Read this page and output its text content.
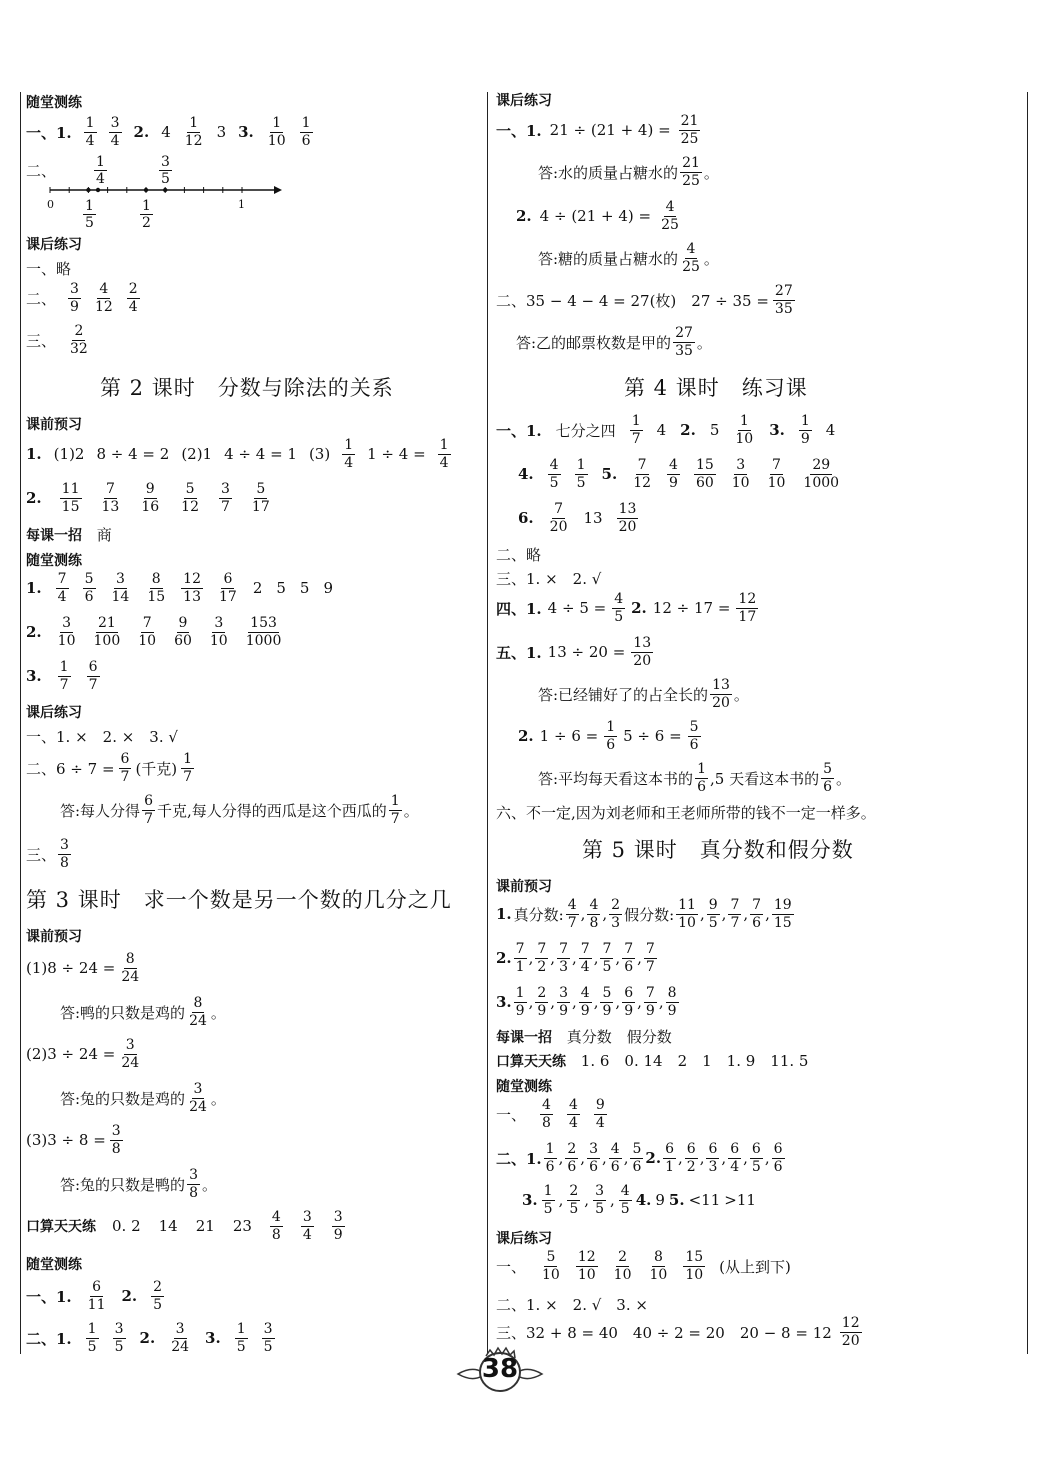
随堂测练
一、1. $\frac{1}{4} \frac{3}{4} 2$. $4 \frac{1}{12} 3$ 3. $\frac{1}{10} \frac{1}{6}$
二、
0	1
$\frac{1}{4}$	$\frac{3}{5}$
$\frac{1}{5}$	$\frac{1}{2}$
课后练习
一、略
二、 $\frac{3}{9} \frac{4}{12} \frac{2}{4}$
三、 $\frac{2}{32}$
第 2 课时　分数与除法的关系
课前预习
1. (1)2 8 ÷ 4 = 2 (2)1 4 ÷ 4 = 1 $(3) \frac{1}{4} 1 \div 4 = \frac{1}{4}$
2. $\frac{11}{15} \frac{7}{13} \frac{9}{16} \frac{5}{12} \frac{3}{7} \frac{5}{17}$
每课一招 商
随堂测练
1. $\frac{7}{4} \frac{5}{6} \frac{3}{14} \frac{8}{15} \frac{12}{13} \frac{6}{17} 2$ 5 5 9
2. $\frac{3}{10} \frac{21}{100} \frac{7}{10} \frac{9}{60} \frac{3}{10} \frac{153}{1000}$
3. $\frac{1}{7} \frac{6}{7}$
课后练习
一、1. ×　2. ×　3. √
二、$6 \div 7 = \frac{6}{7}$ (千克) $\frac{1}{7}$
答:每人分得 $\frac{6}{7}$ 千克,每人分得的西瓜是这个西瓜的 $\frac{1}{7}$ 。
三、 $\frac{3}{8}$
第 3 课时　求一个数是另一个数的几分之几
课前预习
$(1)8 \div 24 = \frac{8}{24}$
答:鸭的只数是鸡的 $\frac{8}{24}$ 。
$(2)3 \div 24 = \frac{3}{24}$
答:兔的只数是鸡的 $\frac{3}{24}$ 。
$(3)3 \div 8 = \frac{3}{8}$
答:兔的只数是鸭的 $\frac{3}{8}$ 。
口算天天练 0. 2 14 21 $23 \frac{4}{8} \frac{3}{4} \frac{3}{9}$
随堂测练
一、1. $\frac{6}{11} 2$. $\frac{2}{5}$
二、1. $\frac{1}{5} \frac{3}{5} 2$. $\frac{3}{24} 3$. $\frac{1}{5} \frac{3}{5}$
课后练习
一、1. $21 \div (21 + 4) = \frac{21}{25}$
答:水的质量占糖水的 $\frac{21}{25}$ 。
2. $4 \div (21 + 4) = \frac{4}{25}$
答:糖的质量占糖水的 $\frac{4}{25}$ 。
二、35 − 4 − 4 = 27(枚)　$27 \div 35 = \frac{27}{35}$
答:乙的邮票枚数是甲的 $\frac{27}{35}$ 。
第 4 课时　练习课
一、1. 七分之四 $\frac{1}{7} 4$ 2. $5 \frac{1}{10} 3$. $\frac{1}{9} 4$
4. $\frac{4}{5} \frac{1}{5} 5$. $\frac{7}{12} \frac{4}{9} \frac{15}{60} \frac{3}{10} \frac{7}{10} \frac{29}{1000}$
6. $\frac{7}{20} 13 \frac{13}{20}$
二、略
三、1. ×　2. √
四、1. $4 \div 5 = \frac{4}{5} 2$. $12 \div 17 = \frac{12}{17}$
五、1. $13 \div 20 = \frac{13}{20}$
答:已经铺好了的占全长的 $\frac{13}{20}$ 。
2. $1 \div 6 = \frac{1}{6} 5 \div 6 = \frac{5}{6}$
答:平均每天看这本书的 $\frac{1}{6} ,5$ 天看这本书的 $\frac{5}{6}$ 。
六、不一定,因为刘老师和王老师所带的钱不一定一样多。
第 5 课时　真分数和假分数
课前预习
1. 真分数: $\frac{4}{7}$ , $\frac{4}{8}$ , $\frac{2}{3}$ 假分数: $\frac{11}{10}$ , $\frac{9}{5}$ , $\frac{7}{7}$ , $\frac{7}{6}$ , $\frac{19}{15}$
2. $\frac{7}{1}$ , $\frac{7}{2}$ , $\frac{7}{3}$ , $\frac{7}{4}$ , $\frac{7}{5}$ , $\frac{7}{6}$ , $\frac{7}{7}$
3. $\frac{1}{9}$ , $\frac{2}{9}$ , $\frac{3}{9}$ , $\frac{4}{9}$ , $\frac{5}{9}$ , $\frac{6}{9}$ , $\frac{7}{9}$ , $\frac{8}{9}$
每课一招 真分数　假分数
口算天天练 1. 6　0. 14　2　1　1. 9　11. 5
随堂测练
一、 $\frac{4}{8} \frac{4}{4} \frac{9}{4}$
二、1. $\frac{1}{6}$ , $\frac{2}{6}$ , $\frac{3}{6}$ , $\frac{4}{6}$ , $\frac{5}{6} 2$. $\frac{6}{1}$ , $\frac{6}{2}$ , $\frac{6}{3}$ , $\frac{6}{4}$ , $\frac{6}{5}$ , $\frac{6}{6}$
3. $\frac{1}{5}$ , $\frac{2}{5}$ , $\frac{3}{5}$ , $\frac{4}{5} 4$. 9 5. <11 >11
课后练习
一、 $\frac{5}{10} \frac{12}{10} \frac{2}{10} \frac{8}{10} \frac{15}{10}$ (从上到下)
二、1. ×　2. √　3. ×
三、32 + 8 = 40　40 ÷ 2 = 20　$20 - 8 = 12 \frac{12}{20}$
38
